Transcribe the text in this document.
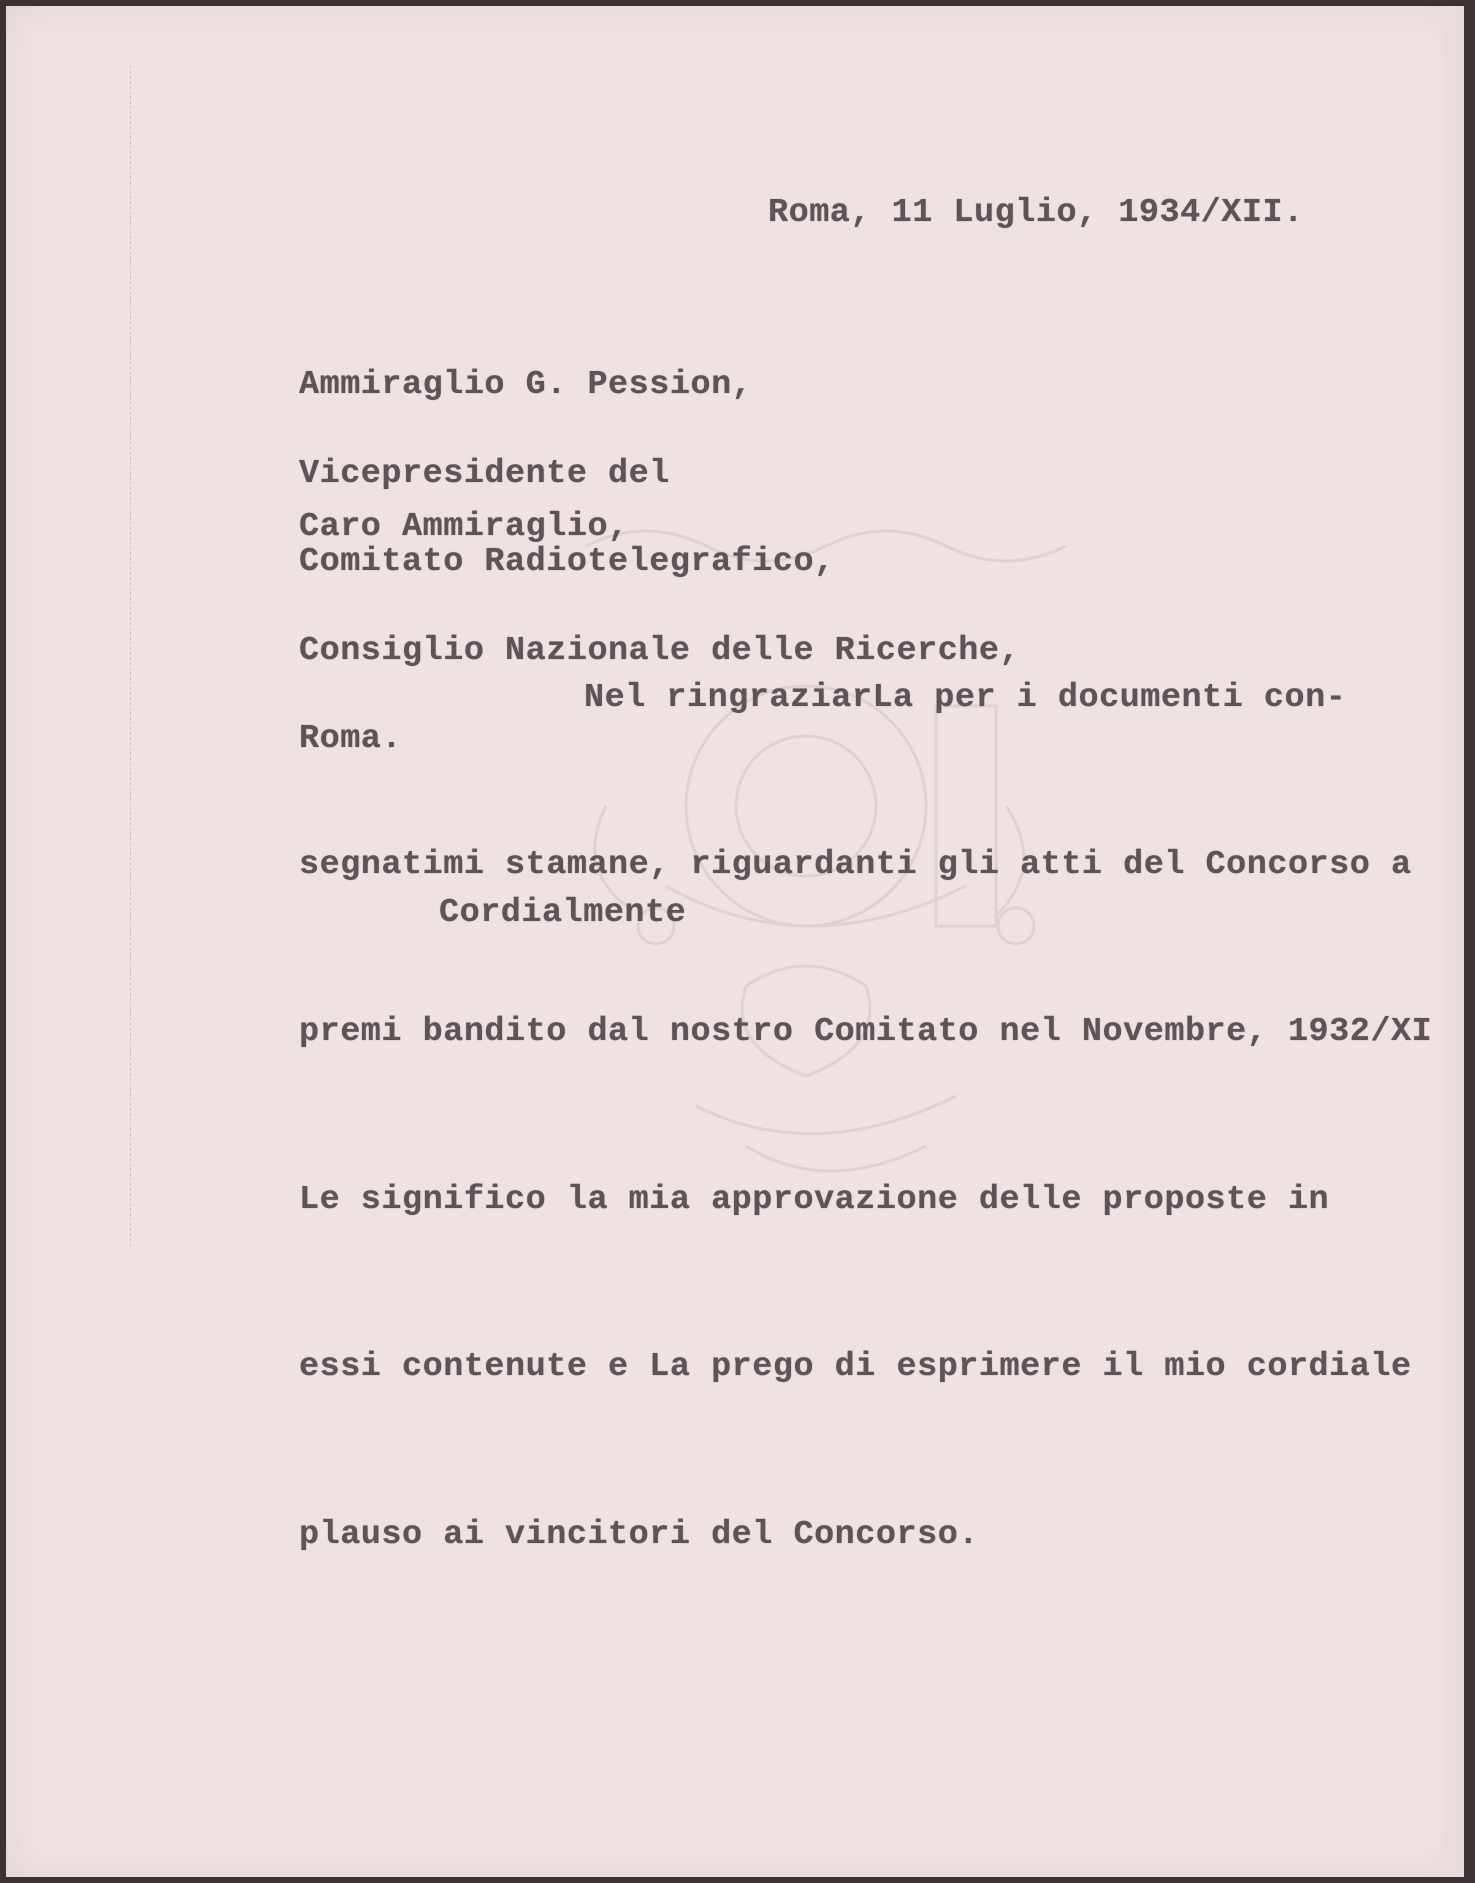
Roma, 11 Luglio, 1934/XII.

Ammiraglio G. Pession,

Vicepresidente del

Comitato Radiotelegrafico,

Consiglio Nazionale delle Ricerche,

Roma.

Caro Ammiraglio,

Nel ringraziarLa per i documenti con-

segnatimi stamane, riguardanti gli atti del Concorso a

premi bandito dal nostro Comitato nel Novembre, 1932/XI

Le significo la mia approvazione delle proposte in

essi contenute e La prego di esprimere il mio cordiale

plauso ai vincitori del Concorso.

Cordialmente
